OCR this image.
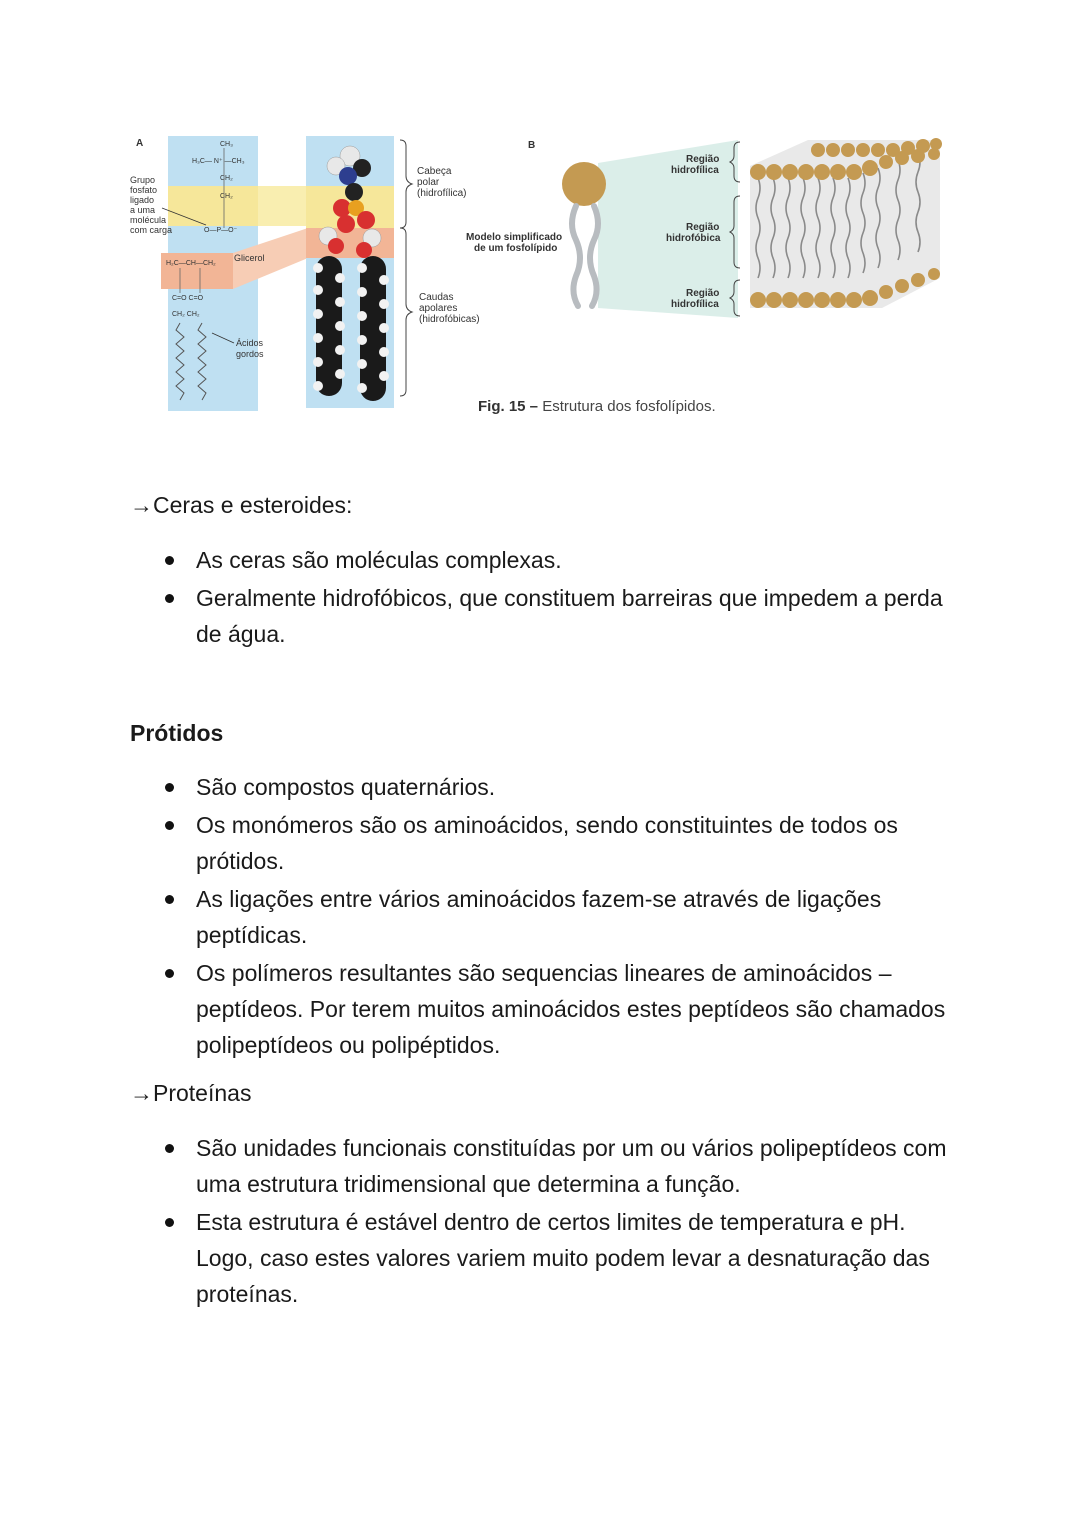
CH₃
H₃C— N⁺ —CH₃
CH₂
CH₂
O—P—O⁻
H₂C—CH—CH₂
C=O C=O
CH₂ CH₂
A
Grupo
fosfato
ligado
a uma
molécula
com carga
Glicerol
Ácidos
gordos
Cabeça
polar
(hidrofílica)
Caudas
apolares
(hidrofóbicas)
B
Modelo simplificado
de um fosfolípido
Região
hidrofílica
Região
hidrofóbica
Região
hidrofílica
Fig. 15 – Estrutura dos fosfolípidos.
→Ceras e esteroides:
As ceras são moléculas complexas.
Geralmente hidrofóbicos, que constituem barreiras que impedem a perda de água.
Prótidos
São compostos quaternários.
Os monómeros são os aminoácidos, sendo constituintes de todos os prótidos.
As ligações entre vários aminoácidos fazem-se através de ligações peptídicas.
Os polímeros resultantes são sequencias lineares de aminoácidos – peptídeos. Por terem muitos aminoácidos estes peptídeos são chamados polipeptídeos ou polipéptidos.
→Proteínas
São unidades funcionais constituídas por um ou vários polipeptídeos com uma estrutura tridimensional que determina a função.
Esta estrutura é estável dentro de certos limites de temperatura e pH. Logo, caso estes valores variem muito podem levar a desnaturação das proteínas.
